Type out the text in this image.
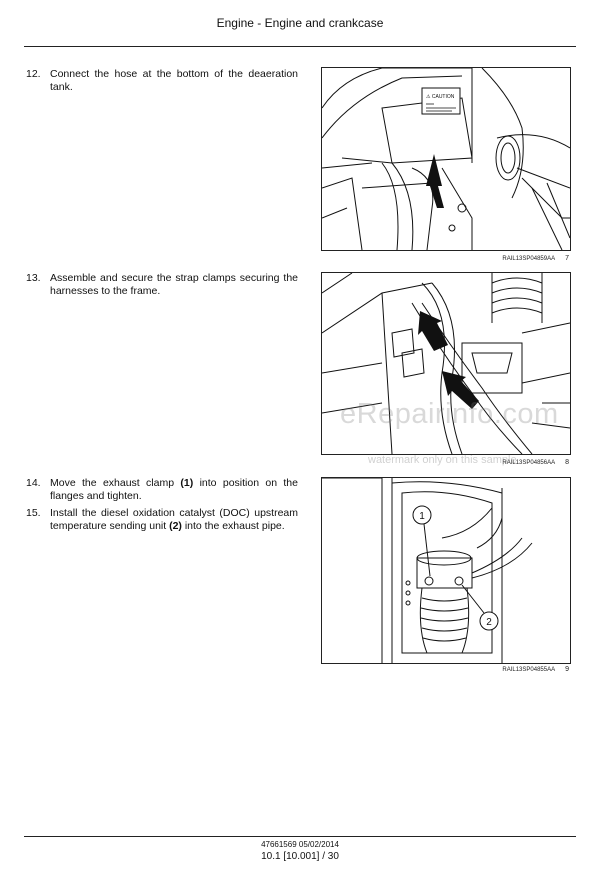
Engine - Engine and crankcase
12. Connect the hose at the bottom of the deaeration tank.
13. Assemble and secure the strap clamps securing the harnesses to the frame.
14. Move the exhaust clamp (1) into position on the flanges and tighten.
15. Install the diesel oxidation catalyst (DOC) upstream temperature sending unit (2) into the exhaust pipe.
⚠ CAUTION
RAIL13SP04859AA 7
RAIL13SP04856AA 8
1
2
RAIL13SP04855AA 9
eRepairinfo.com
watermark only on this sample
47661569 05/02/2014
10.1 [10.001] / 30
